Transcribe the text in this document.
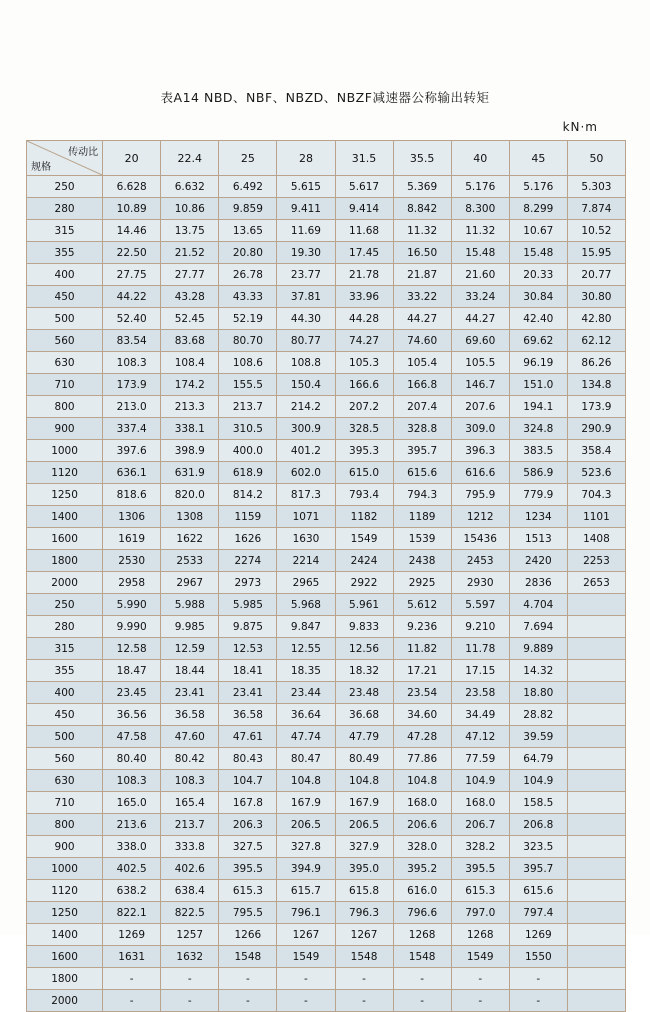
表A14 NBD、NBF、NBZD、NBZF减速器公称输出转矩
kN·m
传动比
规格	20	22.4	25	28	31.5	35.5	40	45	50
250	6.628	6.632	6.492	5.615	5.617	5.369	5.176	5.176	5.303
280	10.89	10.86	9.859	9.411	9.414	8.842	8.300	8.299	7.874
315	14.46	13.75	13.65	11.69	11.68	11.32	11.32	10.67	10.52
355	22.50	21.52	20.80	19.30	17.45	16.50	15.48	15.48	15.95
400	27.75	27.77	26.78	23.77	21.78	21.87	21.60	20.33	20.77
450	44.22	43.28	43.33	37.81	33.96	33.22	33.24	30.84	30.80
500	52.40	52.45	52.19	44.30	44.28	44.27	44.27	42.40	42.80
560	83.54	83.68	80.70	80.77	74.27	74.60	69.60	69.62	62.12
630	108.3	108.4	108.6	108.8	105.3	105.4	105.5	96.19	86.26
710	173.9	174.2	155.5	150.4	166.6	166.8	146.7	151.0	134.8
800	213.0	213.3	213.7	214.2	207.2	207.4	207.6	194.1	173.9
900	337.4	338.1	310.5	300.9	328.5	328.8	309.0	324.8	290.9
1000	397.6	398.9	400.0	401.2	395.3	395.7	396.3	383.5	358.4
1120	636.1	631.9	618.9	602.0	615.0	615.6	616.6	586.9	523.6
1250	818.6	820.0	814.2	817.3	793.4	794.3	795.9	779.9	704.3
1400	1306	1308	1159	1071	1182	1189	1212	1234	1101
1600	1619	1622	1626	1630	1549	1539	15436	1513	1408
1800	2530	2533	2274	2214	2424	2438	2453	2420	2253
2000	2958	2967	2973	2965	2922	2925	2930	2836	2653
250	5.990	5.988	5.985	5.968	5.961	5.612	5.597	4.704	
280	9.990	9.985	9.875	9.847	9.833	9.236	9.210	7.694	
315	12.58	12.59	12.53	12.55	12.56	11.82	11.78	9.889	
355	18.47	18.44	18.41	18.35	18.32	17.21	17.15	14.32	
400	23.45	23.41	23.41	23.44	23.48	23.54	23.58	18.80	
450	36.56	36.58	36.58	36.64	36.68	34.60	34.49	28.82	
500	47.58	47.60	47.61	47.74	47.79	47.28	47.12	39.59	
560	80.40	80.42	80.43	80.47	80.49	77.86	77.59	64.79	
630	108.3	108.3	104.7	104.8	104.8	104.8	104.9	104.9	
710	165.0	165.4	167.8	167.9	167.9	168.0	168.0	158.5	
800	213.6	213.7	206.3	206.5	206.5	206.6	206.7	206.8	
900	338.0	333.8	327.5	327.8	327.9	328.0	328.2	323.5	
1000	402.5	402.6	395.5	394.9	395.0	395.2	395.5	395.7	
1120	638.2	638.4	615.3	615.7	615.8	616.0	615.3	615.6	
1250	822.1	822.5	795.5	796.1	796.3	796.6	797.0	797.4	
1400	1269	1257	1266	1267	1267	1268	1268	1269	
1600	1631	1632	1548	1549	1548	1548	1549	1550	
1800	-	-	-	-	-	-	-	-	
2000	-	-	-	-	-	-	-	-	
